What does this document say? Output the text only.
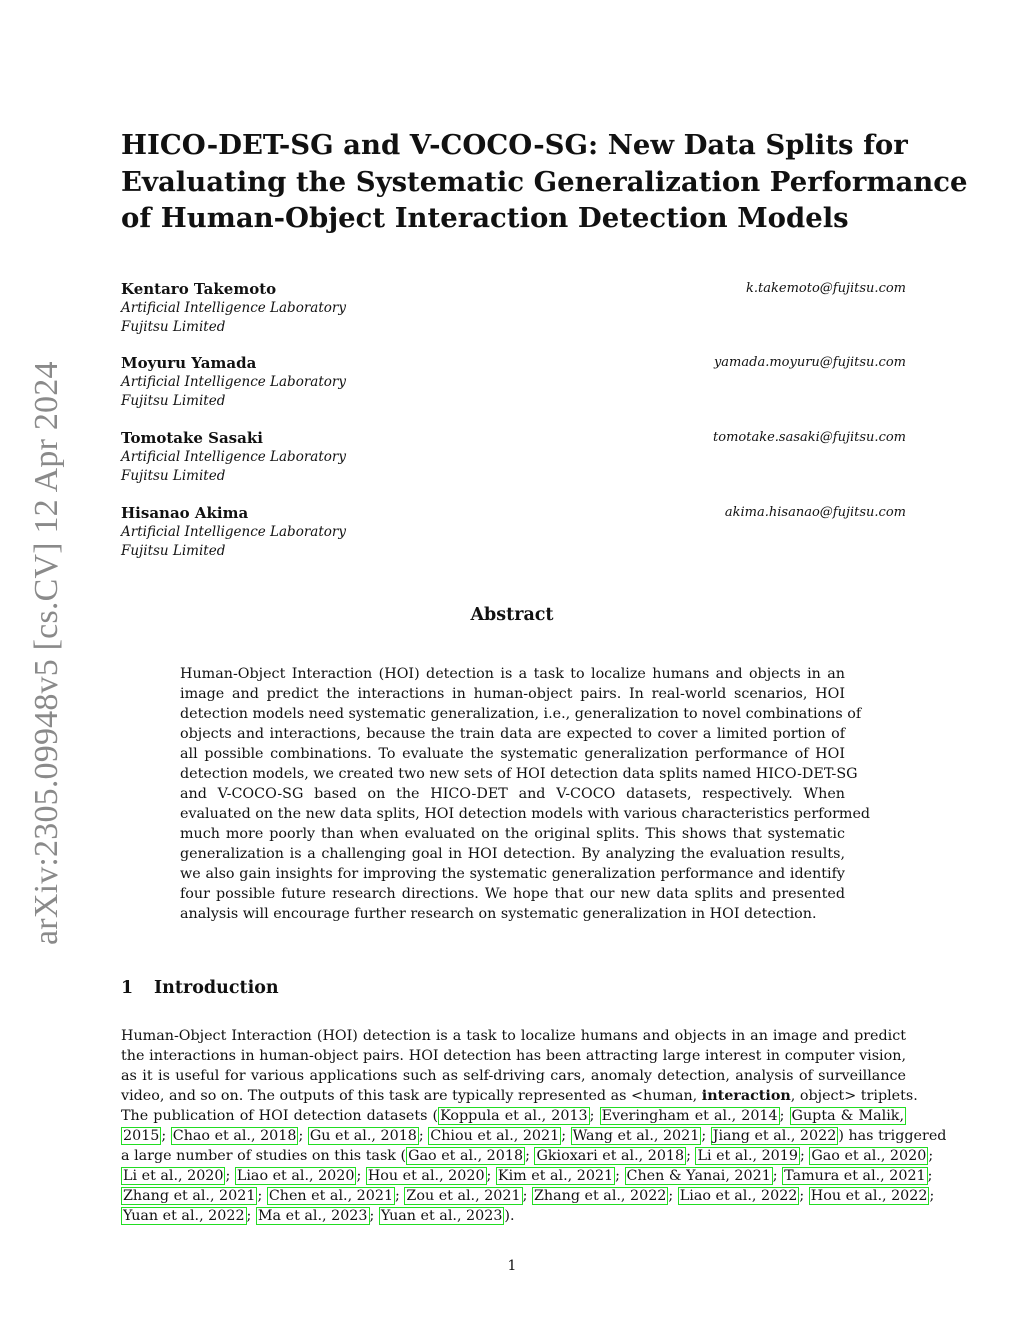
arXiv:2305.09948v5 [cs.CV] 12 Apr 2024
HICO-DET-SG and V-COCO-SG: New Data Splits for
Evaluating the Systematic Generalization Performance
of Human-Object Interaction Detection Models
Kentaro Takemoto
Artificial Intelligence Laboratory
Fujitsu Limited
k.takemoto@fujitsu.com
Moyuru Yamada
Artificial Intelligence Laboratory
Fujitsu Limited
yamada.moyuru@fujitsu.com
Tomotake Sasaki
Artificial Intelligence Laboratory
Fujitsu Limited
tomotake.sasaki@fujitsu.com
Hisanao Akima
Artificial Intelligence Laboratory
Fujitsu Limited
akima.hisanao@fujitsu.com
Abstract
Human-Object Interaction (HOI) detection is a task to localize humans and objects in an
image and predict the interactions in human-object pairs. In real-world scenarios, HOI
detection models need systematic generalization, i.e., generalization to novel combinations of
objects and interactions, because the train data are expected to cover a limited portion of
all possible combinations. To evaluate the systematic generalization performance of HOI
detection models, we created two new sets of HOI detection data splits named HICO-DET-SG
and V-COCO-SG based on the HICO-DET and V-COCO datasets, respectively. When
evaluated on the new data splits, HOI detection models with various characteristics performed
much more poorly than when evaluated on the original splits. This shows that systematic
generalization is a challenging goal in HOI detection. By analyzing the evaluation results,
we also gain insights for improving the systematic generalization performance and identify
four possible future research directions. We hope that our new data splits and presented
analysis will encourage further research on systematic generalization in HOI detection.
1 Introduction
Human-Object Interaction (HOI) detection is a task to localize humans and objects in an image and predict
the interactions in human-object pairs. HOI detection has been attracting large interest in computer vision,
as it is useful for various applications such as self-driving cars, anomaly detection, analysis of surveillance
video, and so on. The outputs of this task are typically represented as <human, interaction, object> triplets.
The publication of HOI detection datasets ( Koppula et al., 2013 ; Everingham et al., 2014 ; Gupta & Malik,
2015 ; Chao et al., 2018 ; Gu et al., 2018 ; Chiou et al., 2021 ; Wang et al., 2021 ; Jiang et al., 2022 ) has triggered
a large number of studies on this task ( Gao et al., 2018 ; Gkioxari et al., 2018 ; Li et al., 2019 ; Gao et al., 2020 ;
Li et al., 2020 ; Liao et al., 2020 ; Hou et al., 2020 ; Kim et al., 2021 ; Chen & Yanai, 2021 ; Tamura et al., 2021 ;
Zhang et al., 2021 ; Chen et al., 2021 ; Zou et al., 2021 ; Zhang et al., 2022 ; Liao et al., 2022 ; Hou et al., 2022 ;
Yuan et al., 2022 ; Ma et al., 2023 ; Yuan et al., 2023 ).
1
